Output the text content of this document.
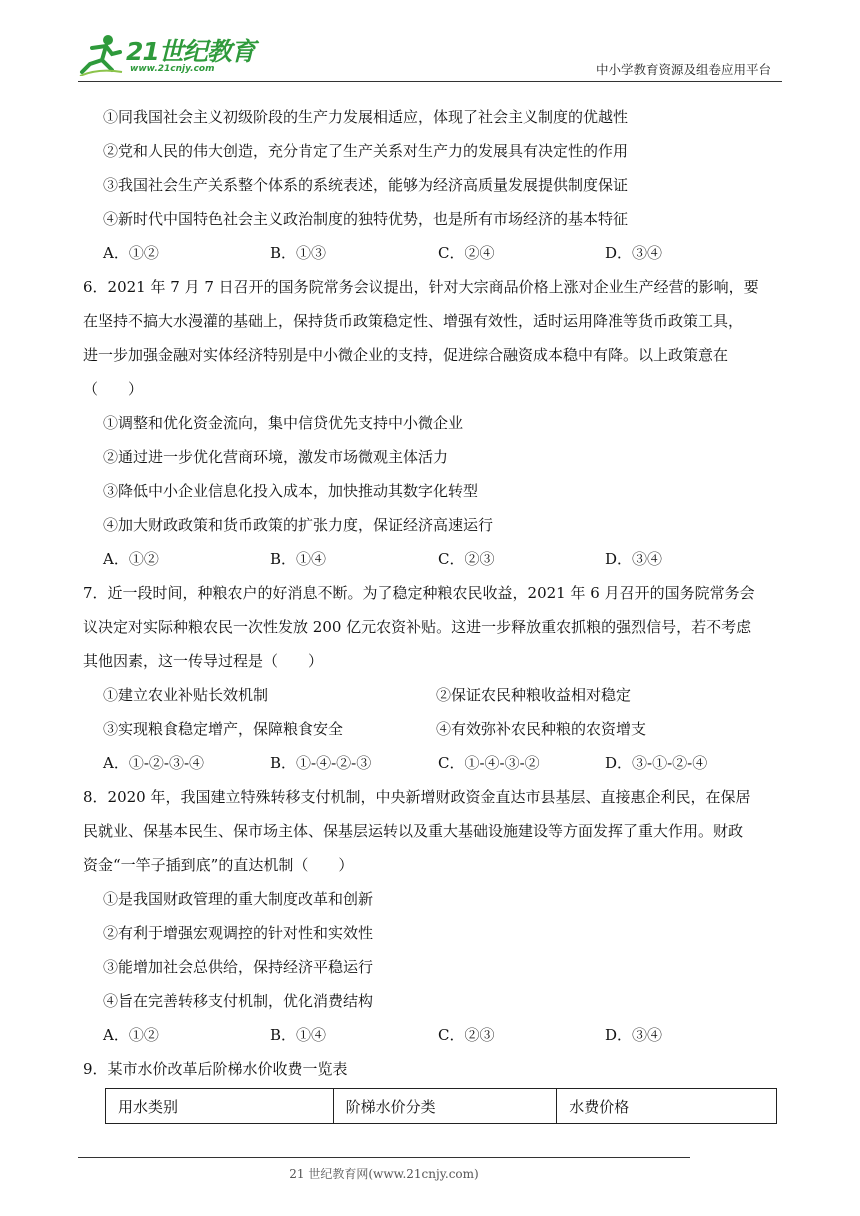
21世纪教育
www.21cnjy.com	中小学教育资源及组卷应用平台
①同我国社会主义初级阶段的生产力发展相适应，体现了社会主义制度的优越性
②党和人民的伟大创造，充分肯定了生产关系对生产力的发展具有决定性的作用
③我国社会生产关系整个体系的系统表述，能够为经济高质量发展提供制度保证
④新时代中国特色社会主义政治制度的独特优势，也是所有市场经济的基本特征
A．①②	B．①③	C．②④	D．③④
6．2021 年 7 月 7 日召开的国务院常务会议提出，针对大宗商品价格上涨对企业生产经营的影响，要
在坚持不搞大水漫灌的基础上，保持货币政策稳定性、增强有效性，适时运用降准等货币政策工具，
进一步加强金融对实体经济特别是中小微企业的支持，促进综合融资成本稳中有降。以上政策意在
（　　）
①调整和优化资金流向，集中信贷优先支持中小微企业
②通过进一步优化营商环境，激发市场微观主体活力
③降低中小企业信息化投入成本，加快推动其数字化转型
④加大财政政策和货币政策的扩张力度，保证经济高速运行
A．①②	B．①④	C．②③	D．③④
7．近一段时间，种粮农户的好消息不断。为了稳定种粮农民收益，2021 年 6 月召开的国务院常务会
议决定对实际种粮农民一次性发放 200 亿元农资补贴。这进一步释放重农抓粮的强烈信号，若不考虑
其他因素，这一传导过程是（　　）
①建立农业补贴长效机制	②保证农民种粮收益相对稳定
③实现粮食稳定增产，保障粮食安全	④有效弥补农民种粮的农资增支
A．①-②-③-④	B．①-④-②-③	C．①-④-③-②	D．③-①-②-④
8．2020 年，我国建立特殊转移支付机制，中央新增财政资金直达市县基层、直接惠企利民，在保居
民就业、保基本民生、保市场主体、保基层运转以及重大基础设施建设等方面发挥了重大作用。财政
资金“一竿子插到底”的直达机制（　　）
①是我国财政管理的重大制度改革和创新
②有利于增强宏观调控的针对性和实效性
③能增加社会总供给，保持经济平稳运行
④旨在完善转移支付机制，优化消费结构
A．①②	B．①④	C．②③	D．③④
9．某市水价改革后阶梯水价收费一览表
用水类别	阶梯水价分类	水费价格
21 世纪教育网(www.21cnjy.com)
